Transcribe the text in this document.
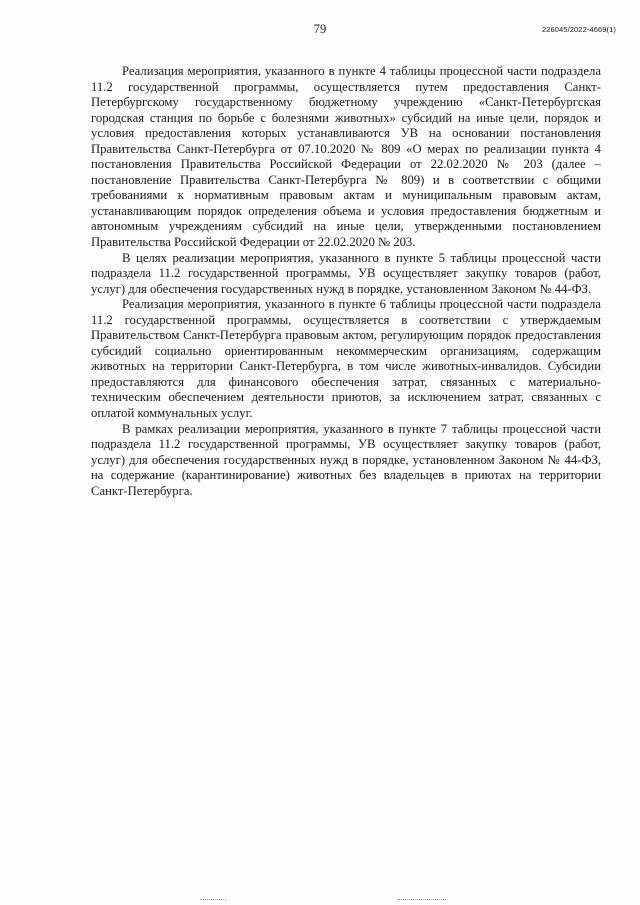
79	226045/2022-4669(1)

Реализация мероприятия, указанного в пункте 4 таблицы процессной части подраздела 11.2 государственной программы, осуществляется путем предоставления Санкт-Петербургскому государственному бюджетному учреждению «Санкт-Петербургская городская станция по борьбе с болезнями животных» субсидий на иные цели, порядок и условия предоставления которых устанавливаются УВ на основании постановления Правительства Санкт-Петербурга от 07.10.2020 № 809 «О мерах по реализации пункта 4 постановления Правительства Российской Федерации от 22.02.2020 № 203 (далее – постановление Правительства Санкт-Петербурга № 809) и в соответствии с общими требованиями к нормативным правовым актам и муниципальным правовым актам, устанавливающим порядок определения объема и условия предоставления бюджетным и автономным учреждениям субсидий на иные цели, утвержденными постановлением Правительства Российской Федерации от 22.02.2020 № 203.

В целях реализации мероприятия, указанного в пункте 5 таблицы процессной части подраздела 11.2 государственной программы, УВ осуществляет закупку товаров (работ, услуг) для обеспечения государственных нужд в порядке, установленном Законом № 44-ФЗ.

Реализация мероприятия, указанного в пункте 6 таблицы процессной части подраздела 11.2 государственной программы, осуществляется в соответствии с утверждаемым Правительством Санкт-Петербурга правовым актом, регулирующим порядок предоставления субсидий социально ориентированным некоммерческим организациям, содержащим животных на территории Санкт-Петербурга, в том числе животных-инвалидов. Субсидии предоставляются для финансового обеспечения затрат, связанных с материально-техническим обеспечением деятельности приютов, за исключением затрат, связанных с оплатой коммунальных услуг.

В рамках реализации мероприятия, указанного в пункте 7 таблицы процессной части подраздела 11.2 государственной программы, УВ осуществляет закупку товаров (работ, услуг) для обеспечения государственных нужд в порядке, установленном Законом № 44-ФЗ, на содержание (карантинирование) животных без владельцев в приютах на территории Санкт-Петербурга.
